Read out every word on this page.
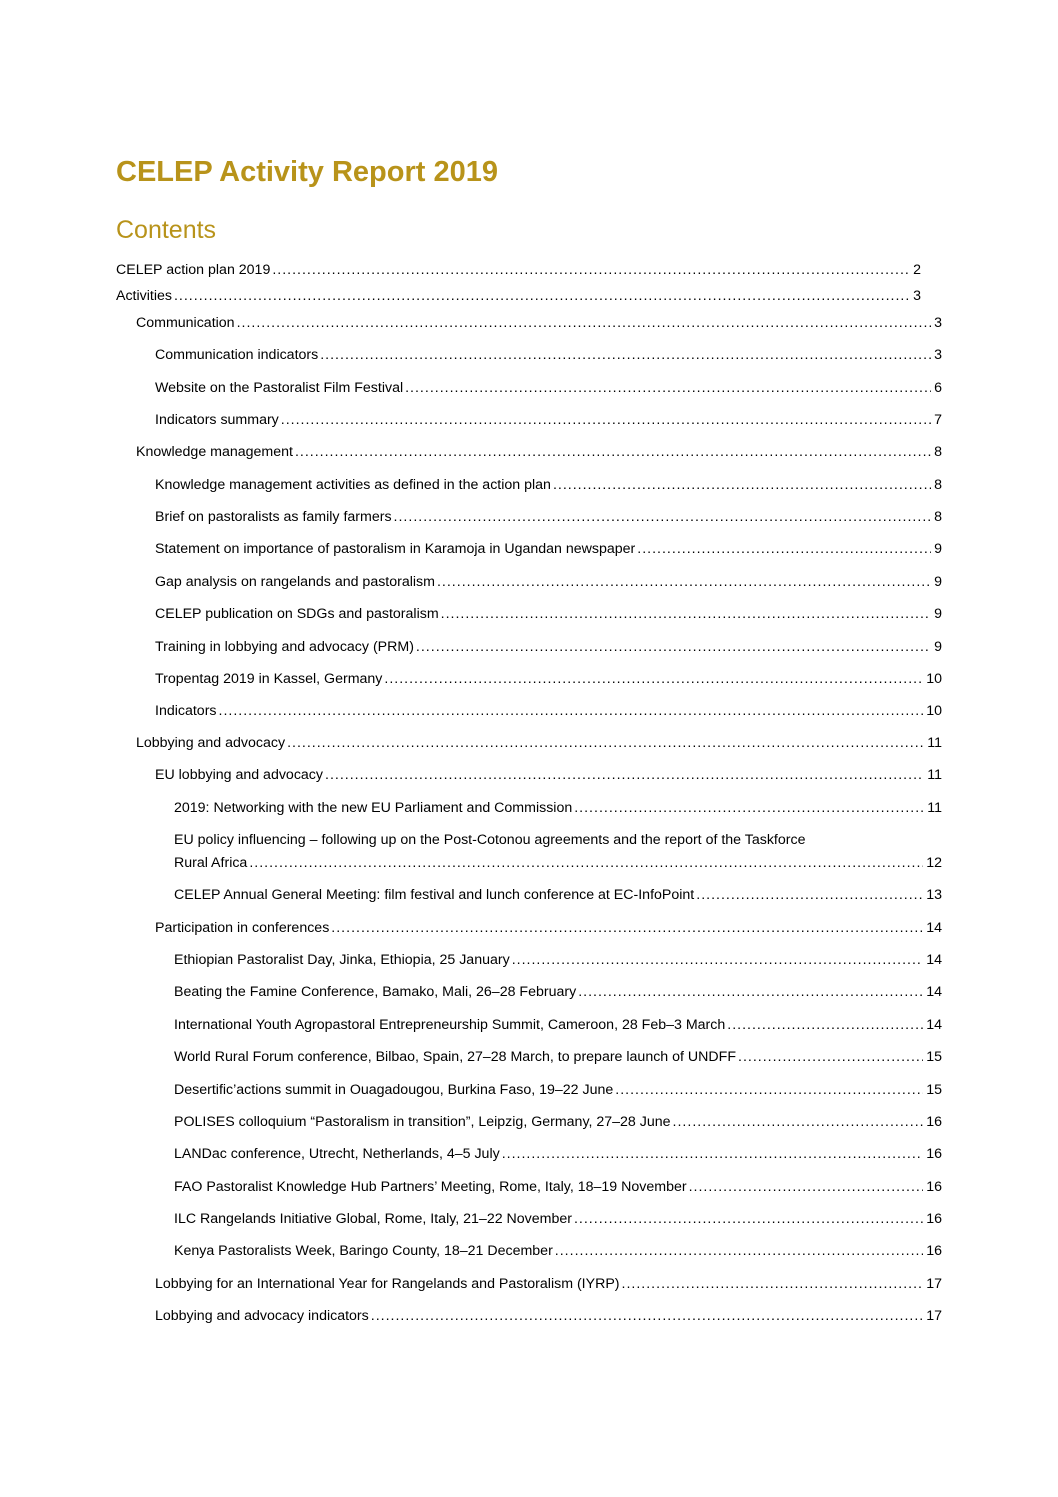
CELEP Activity Report 2019
Contents
CELEP action plan 2019 .....	2
Activities .....	3
Communication .....	3
Communication indicators .....	3
Website on the Pastoralist Film Festival .....	6
Indicators summary .....	7
Knowledge management .....	8
Knowledge management activities as defined in the action plan .....	8
Brief on pastoralists as family farmers .....	8
Statement on importance of pastoralism in Karamoja in Ugandan newspaper .....	9
Gap analysis on rangelands and pastoralism .....	9
CELEP publication on SDGs and pastoralism .....	9
Training in lobbying and advocacy (PRM) .....	9
Tropentag 2019 in Kassel, Germany .....	10
Indicators .....	10
Lobbying and advocacy .....	11
EU lobbying and advocacy .....	11
2019: Networking with the new EU Parliament and Commission .....	11
EU policy influencing – following up on the Post-Cotonou agreements and the report of the Taskforce
Rural Africa .....	12
CELEP Annual General Meeting: film festival and lunch conference at EC-InfoPoint .....	13
Participation in conferences .....	14
Ethiopian Pastoralist Day, Jinka, Ethiopia, 25 January .....	14
Beating the Famine Conference, Bamako, Mali, 26–28 February .....	14
International Youth Agropastoral Entrepreneurship Summit, Cameroon, 28 Feb–3 March .....	14
World Rural Forum conference, Bilbao, Spain, 27–28 March, to prepare launch of UNDFF .....	15
Desertific’actions summit in Ouagadougou, Burkina Faso, 19–22 June .....	15
POLISES colloquium “Pastoralism in transition”, Leipzig, Germany, 27–28 June .....	16
LANDac conference, Utrecht, Netherlands, 4–5 July .....	16
FAO Pastoralist Knowledge Hub Partners’ Meeting, Rome, Italy, 18–19 November .....	16
ILC Rangelands Initiative Global, Rome, Italy, 21–22 November .....	16
Kenya Pastoralists Week, Baringo County, 18–21 December .....	16
Lobbying for an International Year for Rangelands and Pastoralism (IYRP) .....	17
Lobbying and advocacy indicators .....	17
